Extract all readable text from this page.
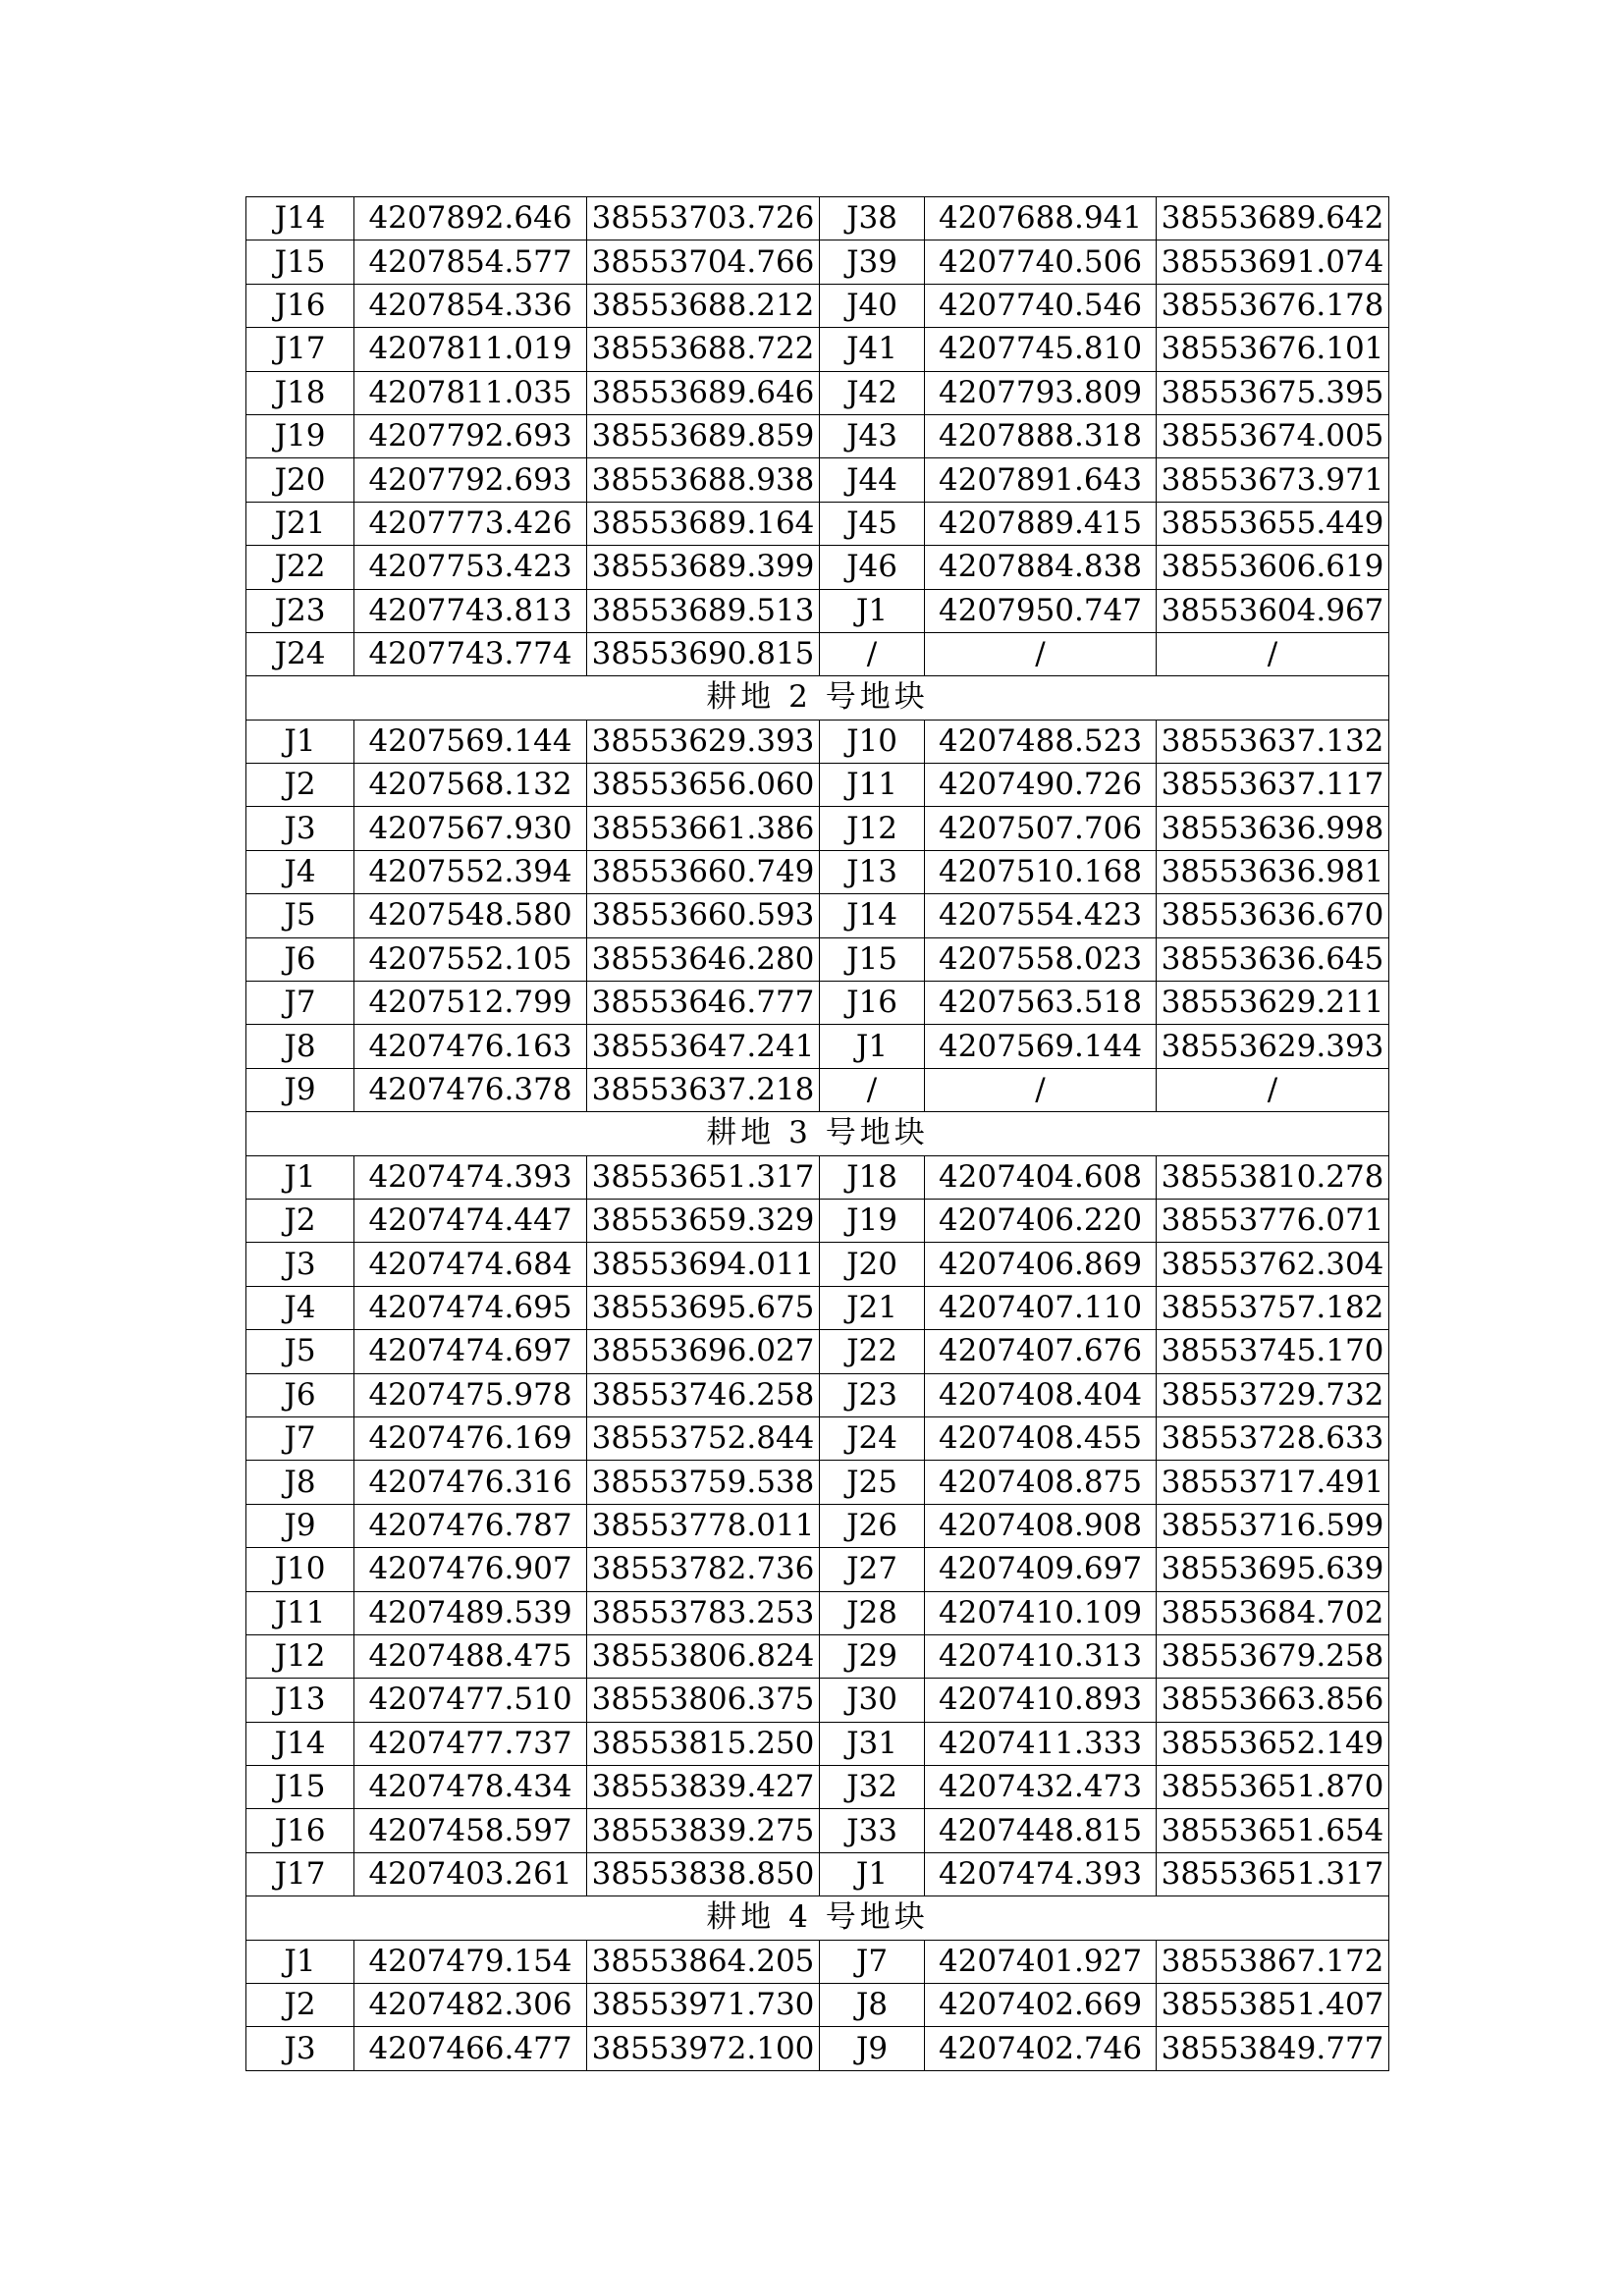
J14	4207892.646	38553703.726	J38	4207688.941	38553689.642
J15	4207854.577	38553704.766	J39	4207740.506	38553691.074
J16	4207854.336	38553688.212	J40	4207740.546	38553676.178
J17	4207811.019	38553688.722	J41	4207745.810	38553676.101
J18	4207811.035	38553689.646	J42	4207793.809	38553675.395
J19	4207792.693	38553689.859	J43	4207888.318	38553674.005
J20	4207792.693	38553688.938	J44	4207891.643	38553673.971
J21	4207773.426	38553689.164	J45	4207889.415	38553655.449
J22	4207753.423	38553689.399	J46	4207884.838	38553606.619
J23	4207743.813	38553689.513	J1	4207950.747	38553604.967
J24	4207743.774	38553690.815	/	/	/
耕地 2 号地块					
J1	4207569.144	38553629.393	J10	4207488.523	38553637.132
J2	4207568.132	38553656.060	J11	4207490.726	38553637.117
J3	4207567.930	38553661.386	J12	4207507.706	38553636.998
J4	4207552.394	38553660.749	J13	4207510.168	38553636.981
J5	4207548.580	38553660.593	J14	4207554.423	38553636.670
J6	4207552.105	38553646.280	J15	4207558.023	38553636.645
J7	4207512.799	38553646.777	J16	4207563.518	38553629.211
J8	4207476.163	38553647.241	J1	4207569.144	38553629.393
J9	4207476.378	38553637.218	/	/	/
耕地 3 号地块					
J1	4207474.393	38553651.317	J18	4207404.608	38553810.278
J2	4207474.447	38553659.329	J19	4207406.220	38553776.071
J3	4207474.684	38553694.011	J20	4207406.869	38553762.304
J4	4207474.695	38553695.675	J21	4207407.110	38553757.182
J5	4207474.697	38553696.027	J22	4207407.676	38553745.170
J6	4207475.978	38553746.258	J23	4207408.404	38553729.732
J7	4207476.169	38553752.844	J24	4207408.455	38553728.633
J8	4207476.316	38553759.538	J25	4207408.875	38553717.491
J9	4207476.787	38553778.011	J26	4207408.908	38553716.599
J10	4207476.907	38553782.736	J27	4207409.697	38553695.639
J11	4207489.539	38553783.253	J28	4207410.109	38553684.702
J12	4207488.475	38553806.824	J29	4207410.313	38553679.258
J13	4207477.510	38553806.375	J30	4207410.893	38553663.856
J14	4207477.737	38553815.250	J31	4207411.333	38553652.149
J15	4207478.434	38553839.427	J32	4207432.473	38553651.870
J16	4207458.597	38553839.275	J33	4207448.815	38553651.654
J17	4207403.261	38553838.850	J1	4207474.393	38553651.317
耕地 4 号地块					
J1	4207479.154	38553864.205	J7	4207401.927	38553867.172
J2	4207482.306	38553971.730	J8	4207402.669	38553851.407
J3	4207466.477	38553972.100	J9	4207402.746	38553849.777
